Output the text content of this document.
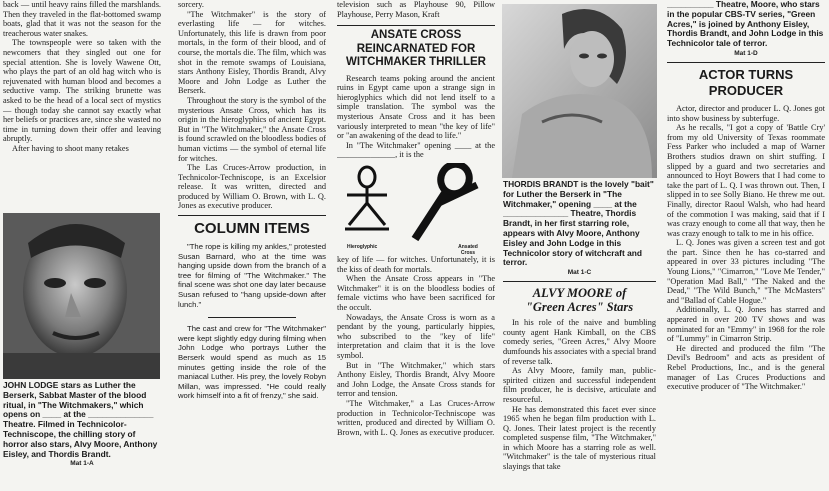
back — until heavy rains filled the marshlands. Then they traveled in the flat-bottomed swamp boats, glad that it was not the season for the treacherous water snakes.

The townspeople were so taken with the newcomers that they singled out one for special attention. She is lovely Wawene Ott, who plays the part of an old hag witch who is rejuvenated with human blood and becomes a seductive vamp. The striking brunette was asked to be the head of a local sect of mystics — though today she cannot say exactly what her beliefs or practices are, since she wasted no time in turning down their offer and leaving abruptly.

After having to shoot many retakes

JOHN LODGE stars as Luther the Berserk, Sabbat Master of the blood ritual, in "The Witchmakers," which opens on ____ at the ______________ Theatre. Filmed in Technicolor-Techniscope, the chilling story of horror also stars, Alvy Moore, Anthony Eisley, and Thordis Brandt.

Mat 1-A

sorcery.

"The Witchmaker" is the story of everlasting life — for witches. Unfortunately, this life is drawn from poor mortals, in the form of their blood, and of course, the mortals die. The film, which was shot in the remote swamps of Louisiana, stars Anthony Eisley, Thordis Brandt, Alvy Moore and John Lodge as Luther the Berserk.

Throughout the story is the symbol of the mysterious Ansate Cross, which has its origin in the hieroglyphics of ancient Egypt. But in "The Witchmaker," the Ansate Cross is found scrawled on the bloodless bodies of human victims — the symbol of eternal life for witches.

The Las Cruces-Arrow production, in Technicolor-Techniscope, is an Excelsior release. It was written, directed and produced by William O. Brown, with L. Q. Jones as executive producer.

COLUMN ITEMS

"The rope is killing my ankles," protested Susan Barnard, who at the time was hanging upside down from the branch of a tree for filming of "The Witchmaker." The final scene was shot one day later because Susan refused to "hang upside-down after lunch."

The cast and crew for "The Witchmaker" were kept slightly edgy during filming when John Lodge who portrays Luther the Berserk would spend as much as 15 minutes getting inside the role of the maniacal Luther. His prey, the lovely Robyn Millan, was impressed. "He could really work himself into a fit of frenzy," she said.

television such as Playhouse 90, Pillow Playhouse, Perry Mason, Kraft

ANSATE CROSS REINCARNATED FOR WITCHMAKER THRILLER

Research teams poking around the ancient ruins in Egypt came upon a strange sign in hieroglyphics which did not lend itself to a simple translation. The symbol was the mysterious Ansate Cross and it has been variously interpreted to mean "the key of life" or "an awakening of the dead to life."

In "The Witchmaker" opening ____ at the ______________, it is the

Hieroglyphic	Ansated Cross

key of life — for witches. Unfortunately, it is the kiss of death for mortals.

When the Ansate Cross appears in "The Witchmaker" it is on the bloodless bodies of female victims who have been sacrificed for the occult.

Nowadays, the Ansate Cross is worn as a pendant by the young, particularly hippies, who subscribed to the "key of life" interpretation and claim that it is the love symbol.

But in "The Witchmaker," which stars Anthony Eisley, Thordis Brandt, Alvy Moore and John Lodge, the Ansate Cross stands for terror and tension.

"The Witchmaker," a Las Cruces-Arrow production in Technicolor-Techniscope was written, produced and directed by William O. Brown, with L. Q. Jones as executive producer.

THORDIS BRANDT is the lovely "bait" for Luther the Berserk in "The Witchmaker," opening ____ at the ______________ Theatre, Thordis Brandt, in her first starring role, appears with Alvy Moore, Anthony Eisley and John Lodge in this Technicolor story of witchcraft and terror.

Mat 1-C
ALVY MOORE of
"Green Acres" Stars

In his role of the naive and bumbling county agent Hank Kimball, on the CBS comedy series, "Green Acres," Alvy Moore dumfounds his associates with a special brand of reverse talk.

As Alvy Moore, family man, public-spirited citizen and successful independent film producer, he is decisive, articulate and resourceful.

He has demonstrated this facet ever since 1965 when he began film production with L. Q. Jones. Their latest project is the recently completed suspense film, "The Witchmaker," in which Moore has a starring role as well. "Witchmaker" is the tale of mysterious ritual slayings that take

__________ Theatre, Moore, who stars in the popular CBS-TV series, "Green Acres," is joined by Anthony Eisley, Thordis Brandt, and John Lodge in this Technicolor tale of terror.

Mat 1-D
ACTOR TURNS PRODUCER

Actor, director and producer L. Q. Jones got into show business by subterfuge.

As he recalls, "I got a copy of 'Battle Cry' from my old University of Texas roommate Fess Parker who included a map of Warner Brothers studios drawn on shirt stuffing. I slipped by a guard and two secretaries and announced to Hoyt Bowers that I had come to take the part of L. Q. I was thrown out. Then, I slipped in to see Solly Biano. He threw me out. Finally, director Raoul Walsh, who had heard of the commotion I was making, said that if I was crazy enough to come all that way, then he was crazy enough to talk to me in his office.

L. Q. Jones was given a screen test and got the part. Since then he has co-starred and appeared in over 33 pictures including "The Young Lions," "Cimarron," "Love Me Tender," "Operation Mad Ball," "The Naked and the Dead," "The Wild Bunch," "The McMasters" and "Ballad of Cable Hogue."

Additionally, L. Q. Jones has starred and appeared in over 200 TV shows and was nominated for an "Emmy" in 1968 for the role of "Lummy" in Cimarron Strip.

He directed and produced the film "The Devil's Bedroom" and acts as president of Rebel Productions, Inc., and is the general manager of Las Cruces Productions and executive producer of "The Witchmaker."
